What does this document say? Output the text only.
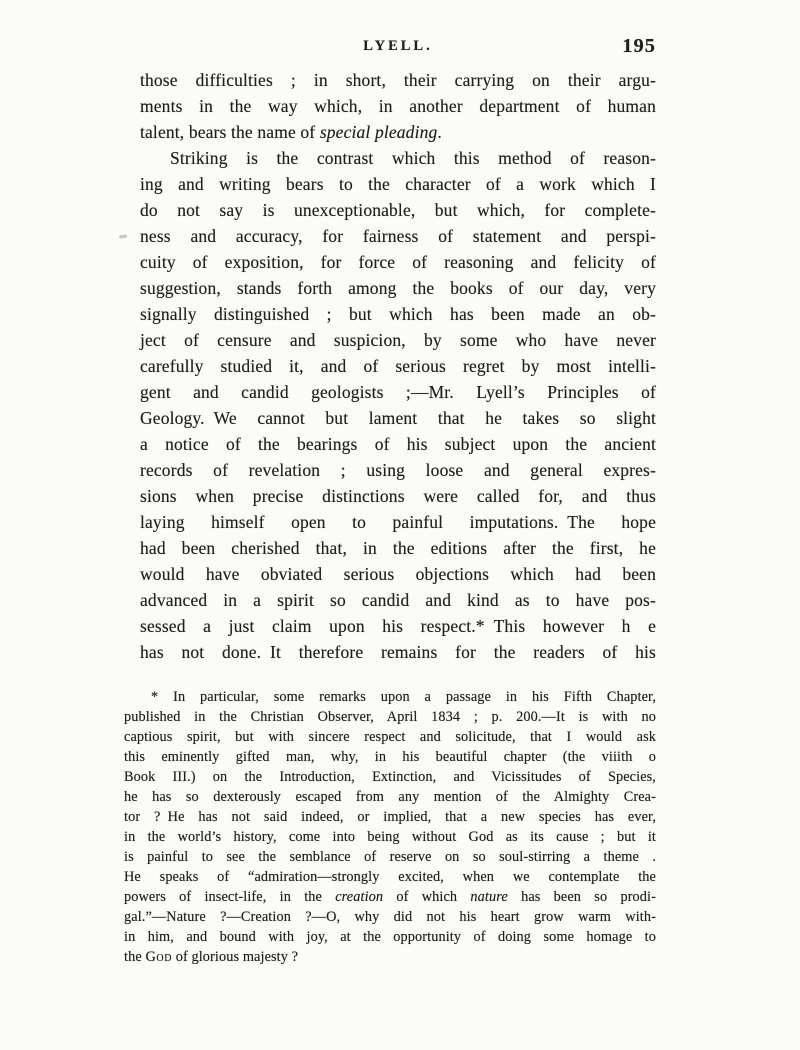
LYELL.	195
those difficulties ; in short, their carrying on their argu-
ments in the way which, in another department of human
talent, bears the name of special pleading.
Striking is the contrast which this method of reason-
ing and writing bears to the character of a work which I
do not say is unexceptionable, but which, for complete-
ness and accuracy, for fairness of statement and perspi-
cuity of exposition, for force of reasoning and felicity of
suggestion, stands forth among the books of our day, very
signally distinguished ; but which has been made an ob-
ject of censure and suspicion, by some who have never
carefully studied it, and of serious regret by most intelli-
gent and candid geologists ;—Mr. Lyell’s Principles of
Geology. We cannot but lament that he takes so slight
a notice of the bearings of his subject upon the ancient
records of revelation ; using loose and general expres-
sions when precise distinctions were called for, and thus
laying himself open to painful imputations. The hope
had been cherished that, in the editions after the first, he
would have obviated serious objections which had been
advanced in a spirit so candid and kind as to have pos-
sessed a just claim upon his respect.* This however h e
has not done. It therefore remains for the readers of his
* In particular, some remarks upon a passage in his Fifth Chapter,
published in the Christian Observer, April 1834 ; p. 200.—It is with no
captious spirit, but with sincere respect and solicitude, that I would ask
this eminently gifted man, why, in his beautiful chapter (the viiith o
Book III.) on the Introduction, Extinction, and Vicissitudes of Species,
he has so dexterously escaped from any mention of the Almighty Crea-
tor ? He has not said indeed, or implied, that a new species has ever,
in the world’s history, come into being without God as its cause ; but it
is painful to see the semblance of reserve on so soul-stirring a theme .
He speaks of “admiration—strongly excited, when we contemplate the
powers of insect-life, in the creation of which nature has been so prodi-
gal.”—Nature ?—Creation ?—O, why did not his heart grow warm with-
in him, and bound with joy, at the opportunity of doing some homage to
the God of glorious majesty ?
